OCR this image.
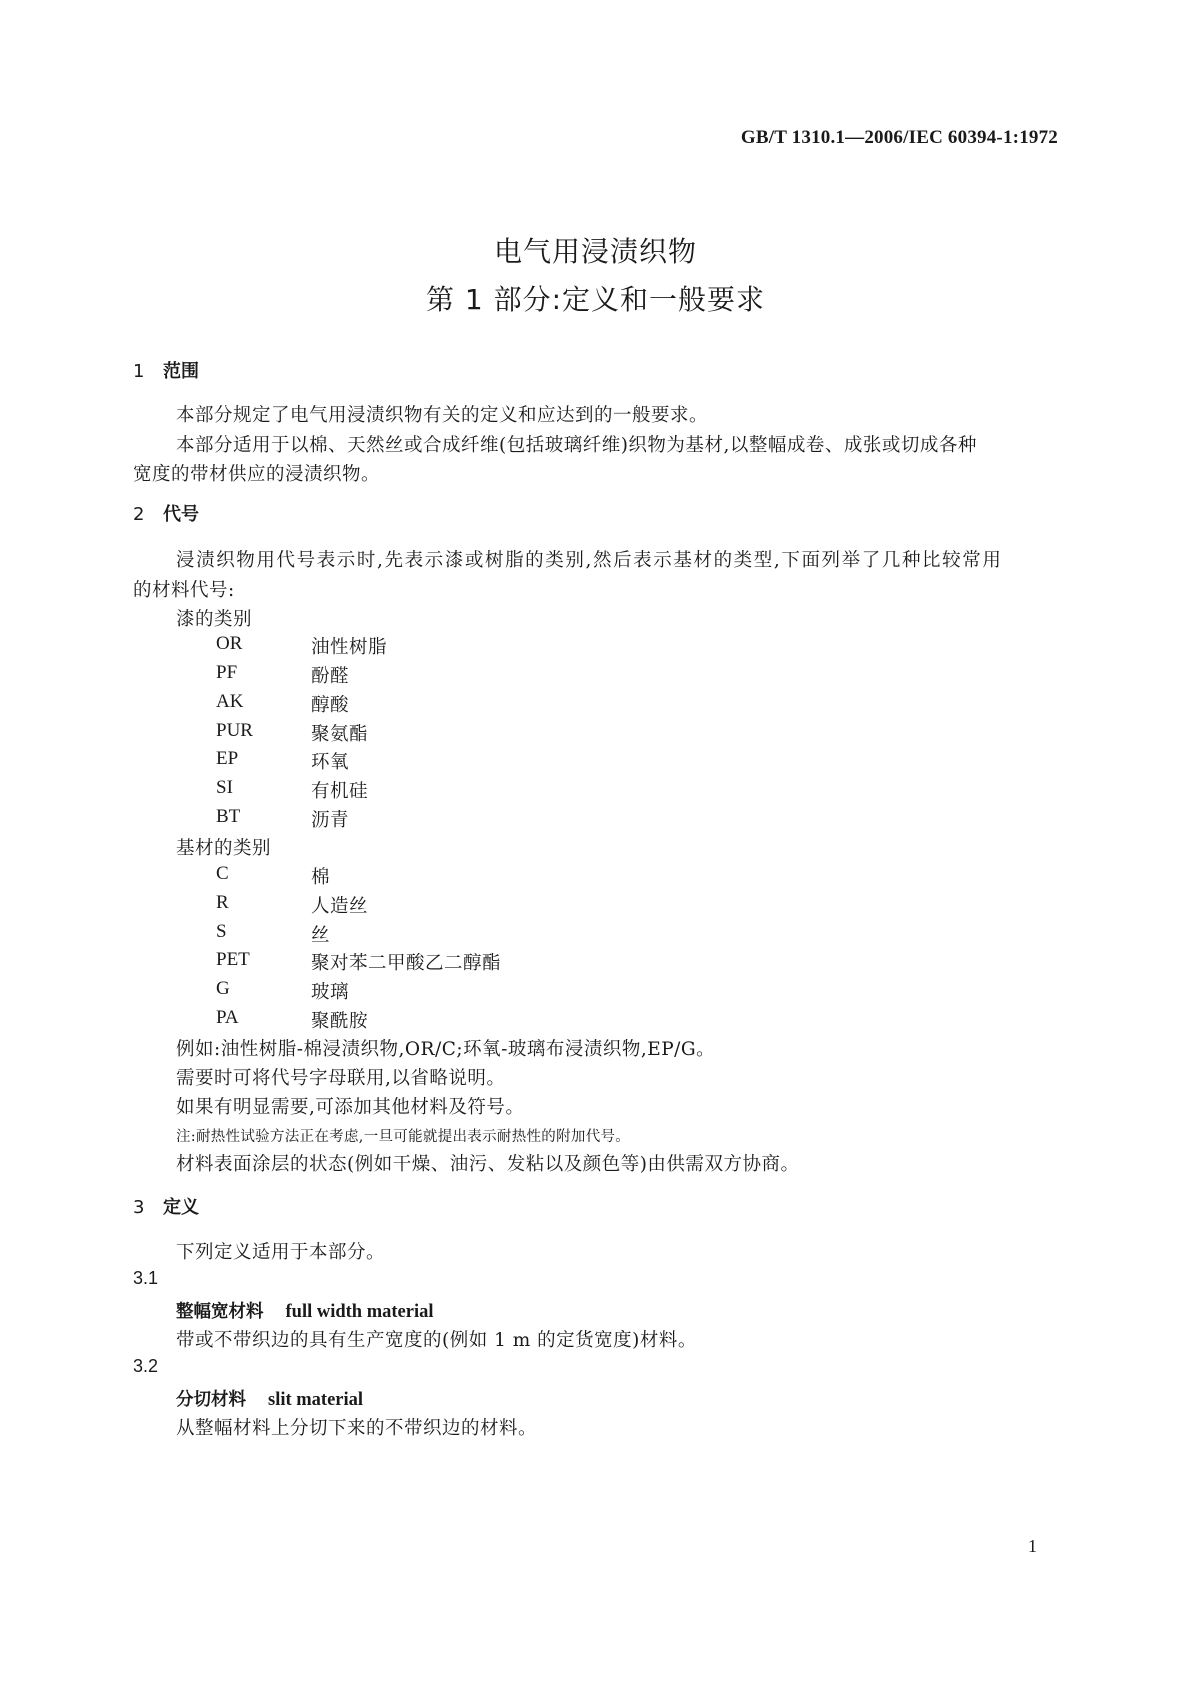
GB/T 1310.1—2006/IEC 60394-1:1972
电气用浸渍织物
第 1 部分:定义和一般要求
1 范围
本部分规定了电气用浸渍织物有关的定义和应达到的一般要求。
本部分适用于以棉、天然丝或合成纤维(包括玻璃纤维)织物为基材,以整幅成卷、成张或切成各种
宽度的带材供应的浸渍织物。
2 代号
浸渍织物用代号表示时,先表示漆或树脂的类别,然后表示基材的类型,下面列举了几种比较常用
的材料代号:
漆的类别
OR	油性树脂
PF	酚醛
AK	醇酸
PUR	聚氨酯
EP	环氧
SI	有机硅
BT	沥青
基材的类别
C	棉
R	人造丝
S	丝
PET	聚对苯二甲酸乙二醇酯
G	玻璃
PA	聚酰胺
例如:油性树脂-棉浸渍织物,OR/C;环氧-玻璃布浸渍织物,EP/G。
需要时可将代号字母联用,以省略说明。
如果有明显需要,可添加其他材料及符号。
注:耐热性试验方法正在考虑,一旦可能就提出表示耐热性的附加代号。
材料表面涂层的状态(例如干燥、油污、发粘以及颜色等)由供需双方协商。
3 定义
下列定义适用于本部分。
3.1
整幅宽材料 full width material
带或不带织边的具有生产宽度的(例如 1 m 的定货宽度)材料。
3.2
分切材料 slit material
从整幅材料上分切下来的不带织边的材料。
1
